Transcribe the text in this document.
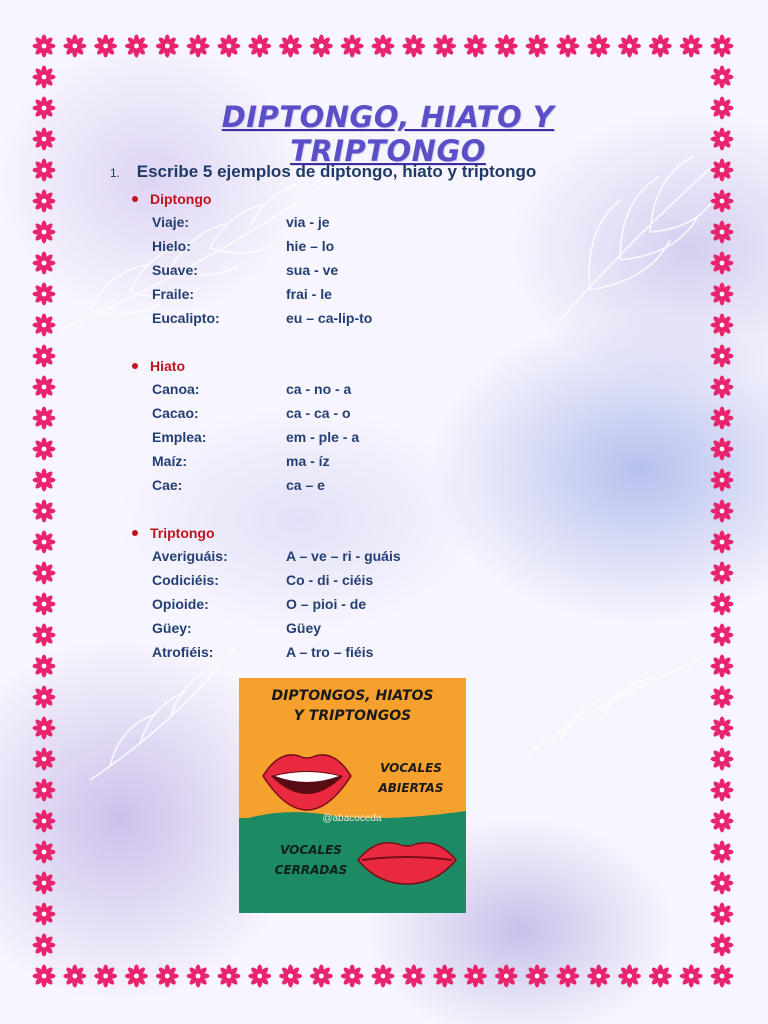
DIPTONGO, HIATO Y TRIPTONGO
1. Escribe 5 ejemplos de diptongo, hiato y triptongo
Diptongo
Viaje:	via - je
Hielo:	hie – lo
Suave:	sua - ve
Fraile:	frai - le
Eucalipto:	eu – ca-lip-to
Hiato
Canoa:	ca - no - a
Cacao:	ca - ca - o
Emplea:	em - ple - a
Maíz:	ma - íz
Cae:	ca – e
Triptongo
Averiguáis:	A – ve – ri - guáis
Codiciéis:	Co - di - ciéis
Opioide:	O – pioi - de
Güey:	Güey
Atrofiéis:	A – tro – fiéis
DIPTONGOS, HIATOS
Y TRIPTONGOS
VOCALES
ABIERTAS
@abacoceda
VOCALES
CERRADAS
